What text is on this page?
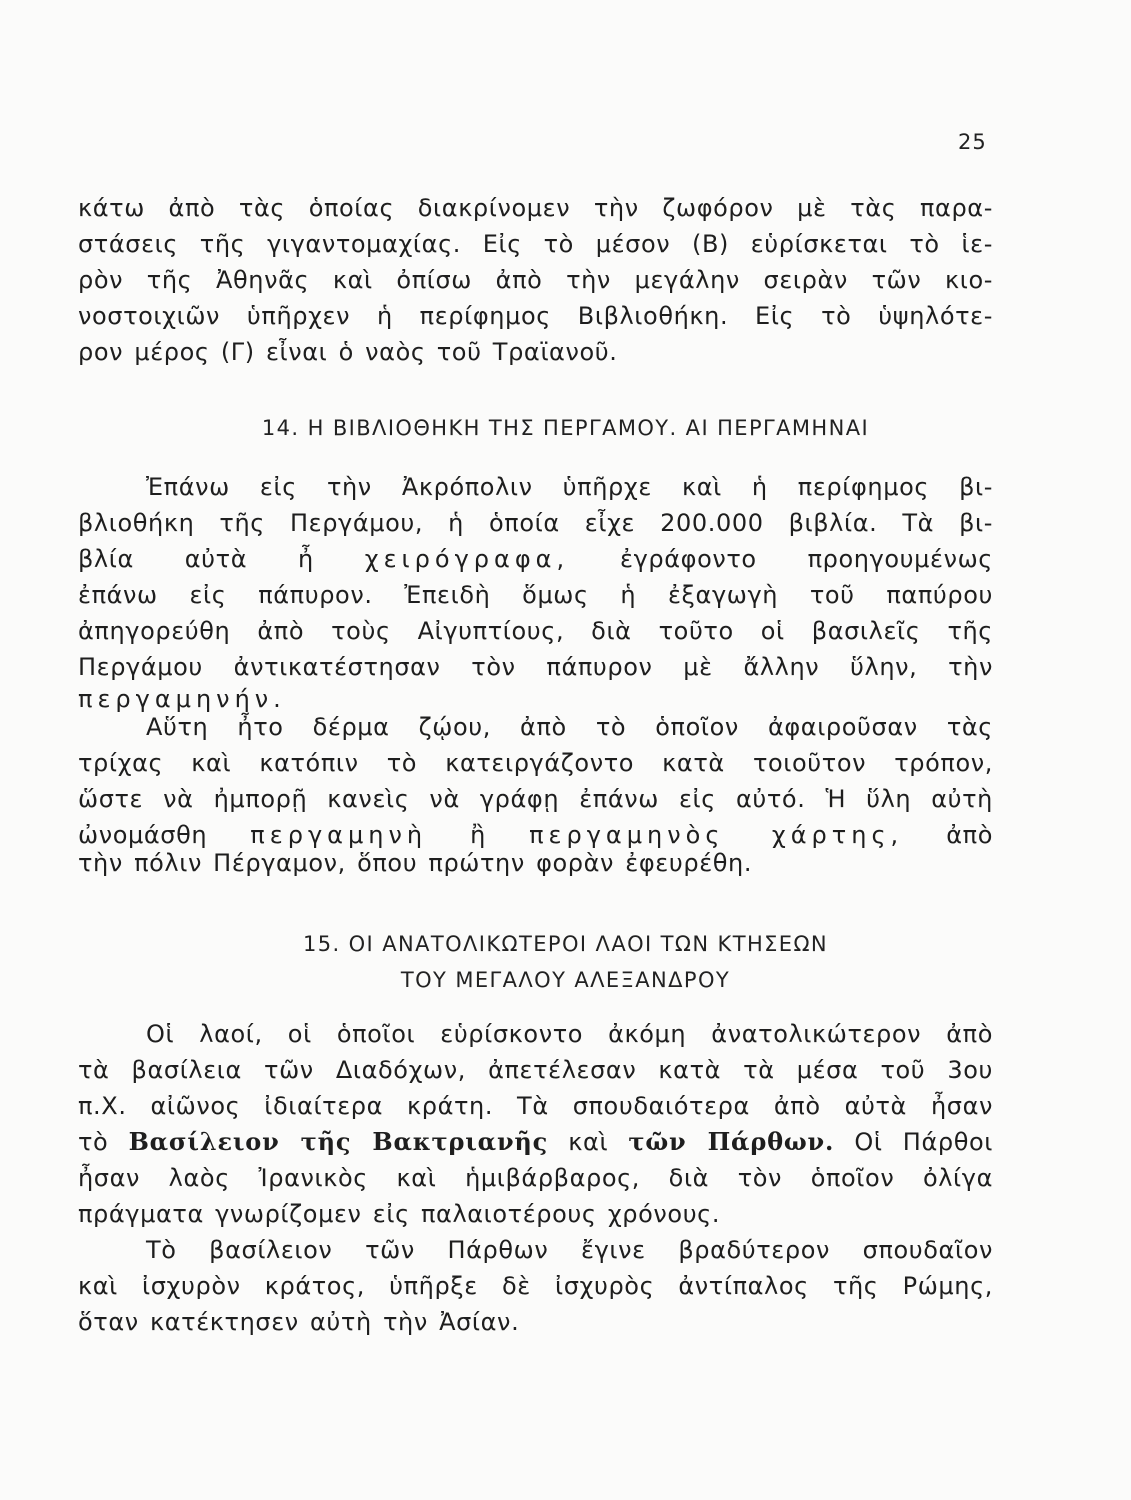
25
κάτω ἀπὸ τὰς ὁποίας διακρίνομεν τὴν ζωφόρον μὲ τὰς παρα-
στάσεις τῆς γιγαντομαχίας. Εἰς τὸ μέσον (Β) εὑρίσκεται τὸ ἱε-
ρὸν τῆς Ἀθηνᾶς καὶ ὀπίσω ἀπὸ τὴν μεγάλην σειρὰν τῶν κιο-
νοστοιχιῶν ὑπῆρχεν ἡ περίφημος Βιβλιοθήκη. Εἰς τὸ ὑψηλότε-
ρον μέρος (Γ) εἶναι ὁ ναὸς τοῦ Τραϊανοῦ.
14. Η ΒΙΒΛΙΟΘΗΚΗ ΤΗΣ ΠΕΡΓΑΜΟΥ. ΑΙ ΠΕΡΓΑΜΗΝΑΙ
Ἐπάνω εἰς τὴν Ἀκρόπολιν ὑπῆρχε καὶ ἡ περίφημος βι-
βλιοθήκη τῆς Περγάμου, ἡ ὁποία εἶχε 200.000 βιβλία. Τὰ βι-
βλία αὐτὰ ἦ χειρόγραφα, ἐγράφοντο προηγουμένως
ἐπάνω εἰς πάπυρον. Ἐπειδὴ ὅμως ἡ ἐξαγωγὴ τοῦ παπύρου
ἀπηγορεύθη ἀπὸ τοὺς Αἰγυπτίους, διὰ τοῦτο οἱ βασιλεῖς τῆς
Περγάμου ἀντικατέστησαν τὸν πάπυρον μὲ ἄλλην ὕλην, τὴν
περγαμηνήν.
Αὕτη ἦτο δέρμα ζῴου, ἀπὸ τὸ ὁποῖον ἀφαιροῦσαν τὰς
τρίχας καὶ κατόπιν τὸ κατειργάζοντο κατὰ τοιοῦτον τρόπον,
ὥστε νὰ ἠμπορῇ κανεὶς νὰ γράφῃ ἐπάνω εἰς αὐτό. Ἡ ὕλη αὐτὴ
ὠνομάσθη περγαμηνὴ ἢ περγαμηνὸς χάρτης, ἀπὸ
τὴν πόλιν Πέργαμον, ὅπου πρώτην φορὰν ἐφευρέθη.
15. ΟΙ ΑΝΑΤΟΛΙΚΩΤΕΡΟΙ ΛΑΟΙ ΤΩΝ ΚΤΗΣΕΩΝ
ΤΟΥ ΜΕΓΑΛΟΥ ΑΛΕΞΑΝΔΡΟΥ
Οἱ λαοί, οἱ ὁποῖοι εὑρίσκοντο ἀκόμη ἀνατολικώτερον ἀπὸ
τὰ βασίλεια τῶν Διαδόχων, ἀπετέλεσαν κατὰ τὰ μέσα τοῦ 3ου
π.Χ. αἰῶνος ἰδιαίτερα κράτη. Τὰ σπουδαιότερα ἀπὸ αὐτὰ ἦσαν
τὸ Βασίλειον τῆς Βακτριανῆς καὶ τῶν Πάρθων. Οἱ Πάρθοι
ἦσαν λαὸς Ἰρανικὸς καὶ ἡμιβάρβαρος, διὰ τὸν ὁποῖον ὀλίγα
πράγματα γνωρίζομεν εἰς παλαιοτέρους χρόνους.
Τὸ βασίλειον τῶν Πάρθων ἔγινε βραδύτερον σπουδαῖον
καὶ ἰσχυρὸν κράτος, ὑπῆρξε δὲ ἰσχυρὸς ἀντίπαλος τῆς Ρώμης,
ὅταν κατέκτησεν αὐτὴ τὴν Ἀσίαν.
